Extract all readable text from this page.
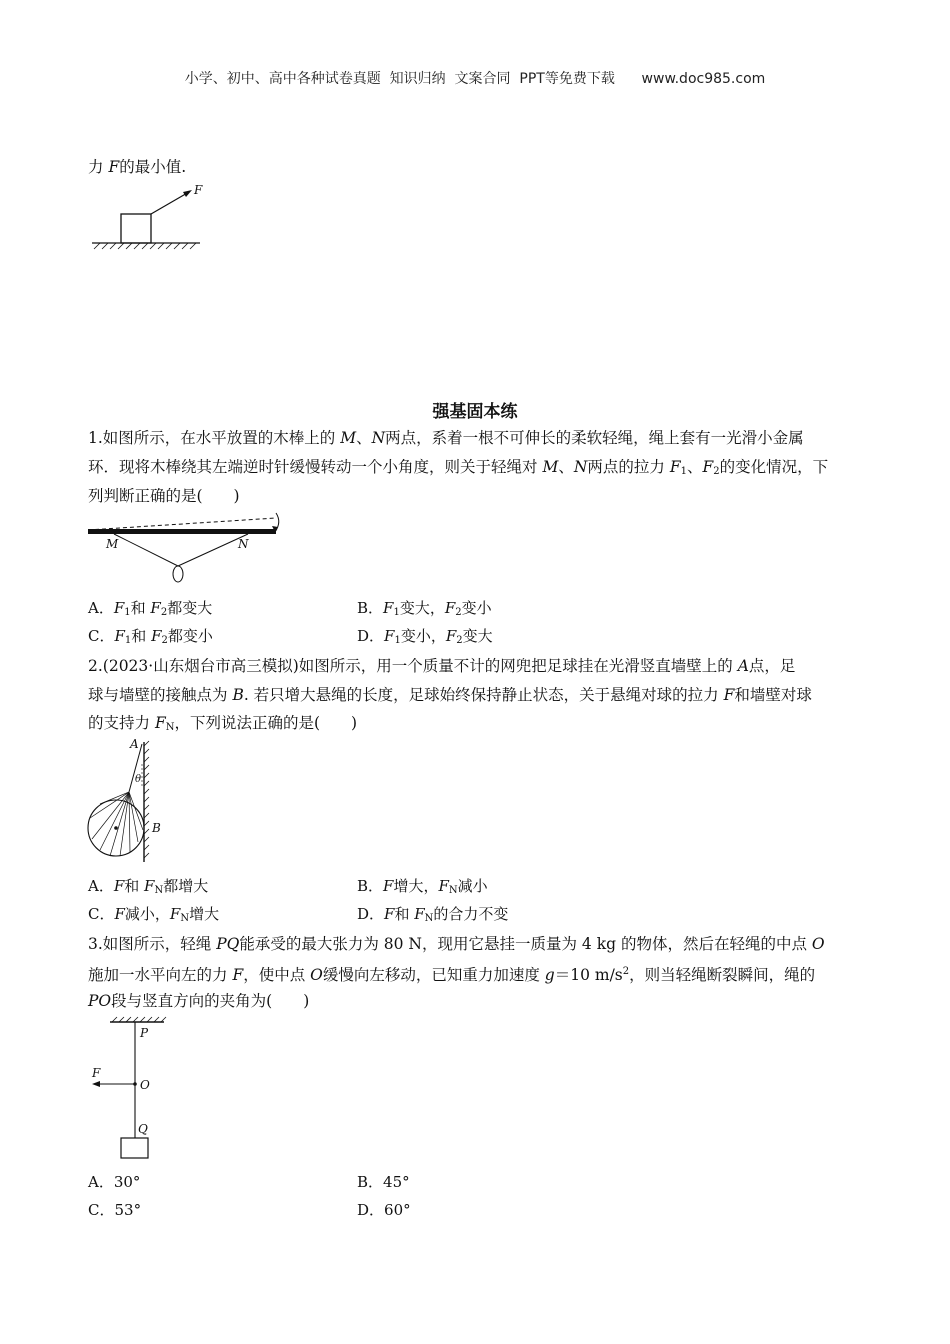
小学、初中、高中各种试卷真题  知识归纳  文案合同  PPT等免费下载      www.doc985.com
力 F的最小值.
F
强基固本练
1.如图所示，在水平放置的木棒上的 M、N两点，系着一根不可伸长的柔软轻绳，绳上套有一光滑小金属
环．现将木棒绕其左端逆时针缓慢转动一个小角度，则关于轻绳对 M、N两点的拉力 $F_1$、$F_2$的变化情况，下
列判断正确的是(　　)
M	N
A．$F_1$和 $F_2$都变大	B．$F_1$变大，$F_2$变小
C．$F_1$和 $F_2$都变小	D．$F_1$变小，$F_2$变大
2.(2023·山东烟台市高三模拟)如图所示，用一个质量不计的网兜把足球挂在光滑竖直墙壁上的 A点，足
球与墙壁的接触点为 B. 若只增大悬绳的长度，足球始终保持静止状态，关于悬绳对球的拉力 F和墙壁对球
的支持力 $F_N$，下列说法正确的是(　　)
A
θ
B
A．F和 $F_N$都增大	B．F增大，$F_N$减小
C．F减小，$F_N$增大	D．F和 $F_N$的合力不变
3.如图所示，轻绳 PQ能承受的最大张力为 80 N，现用它悬挂一质量为 4 kg 的物体，然后在轻绳的中点 O
施加一水平向左的力 F，使中点 O缓慢向左移动，已知重力加速度 g＝10 $m/s^2$，则当轻绳断裂瞬间，绳的
PO段与竖直方向的夹角为(　　)
P
F
O
Q
A．30°	B．45°
C．53°	D．60°
